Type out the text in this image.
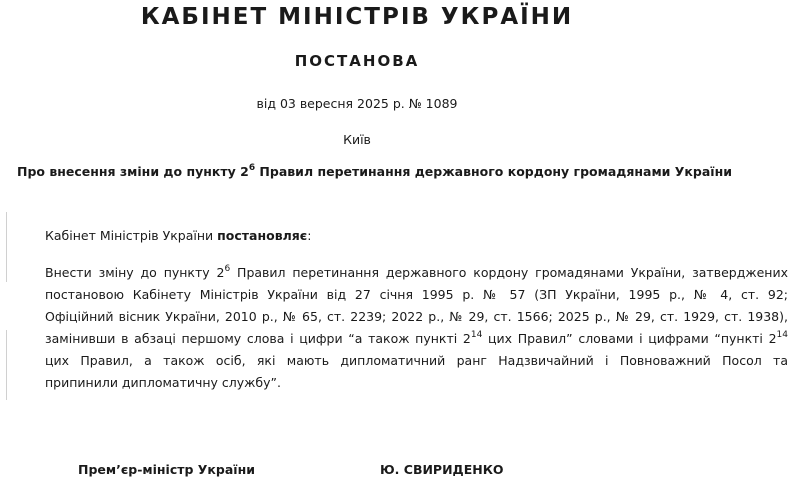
КАБІНЕТ МІНІСТРІВ УКРАЇНИ
ПОСТАНОВА
від 03 вересня 2025 р. № 1089
Київ
Про внесення зміни до пункту $2^6$ Правил перетинання державного кордону громадянами України
Кабінет Міністрів України постановляє:
Внести зміну до пункту $2^6$ Правил перетинання державного кордону громадянами України, затверджених
постановою Кабінету Міністрів України від 27 січня 1995 р. № 57 (ЗП України, 1995 р., № 4, ст. 92;
Офіційний вісник України, 2010 р., № 65, ст. 2239; 2022 р., № 29, ст. 1566; 2025 р., № 29, ст. 1929, ст. 1938),
замінивши в абзаці першому слова і цифри “а також пункті $2^{14}$ цих Правил” словами і цифрами “пункті $2^{14}$
цих Правил, а також осіб, які мають дипломатичний ранг Надзвичайний і Повноважний Посол та
припинили дипломатичну службу”.
Прем’єр-міністр України	Ю. СВИРИДЕНКО
